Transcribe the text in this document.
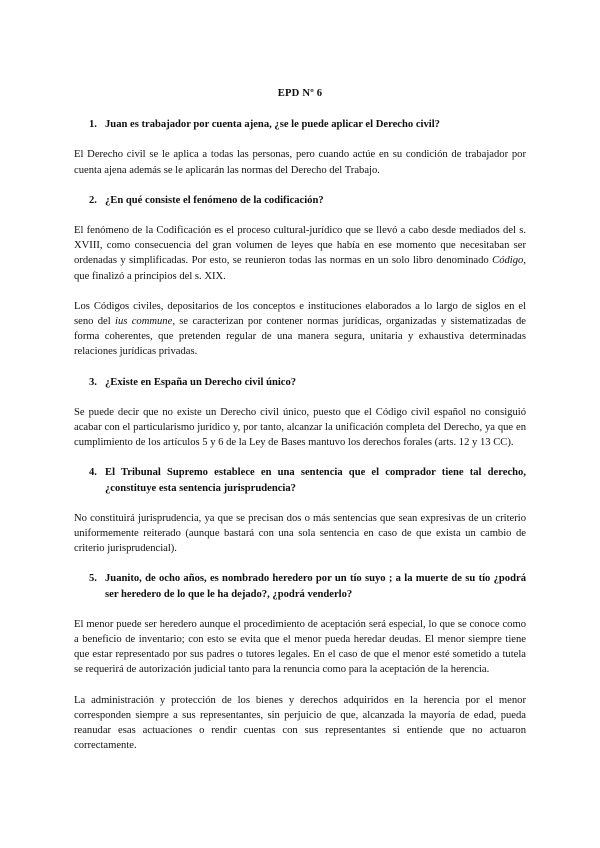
EPD Nº 6
1. Juan es trabajador por cuenta ajena, ¿se le puede aplicar el Derecho civil?

El Derecho civil se le aplica a todas las personas, pero cuando actúe en su condición de trabajador por cuenta ajena además se le aplicarán las normas del Derecho del Trabajo.

2. ¿En qué consiste el fenómeno de la codificación?

El fenómeno de la Codificación es el proceso cultural-jurídico que se llevó a cabo desde mediados del s. XVIII, como consecuencia del gran volumen de leyes que había en ese momento que necesitaban ser ordenadas y simplificadas. Por esto, se reunieron todas las normas en un solo libro denominado Código, que finalizó a principios del s. XIX.

Los Códigos civiles, depositarios de los conceptos e instituciones elaborados a lo largo de siglos en el seno del ius commune, se caracterizan por contener normas jurídicas, organizadas y sistematizadas de forma coherentes, que pretenden regular de una manera segura, unitaria y exhaustiva determinadas relaciones jurídicas privadas.

3. ¿Existe en España un Derecho civil único?

Se puede decir que no existe un Derecho civil único, puesto que el Código civil español no consiguió acabar con el particularismo jurídico y, por tanto, alcanzar la unificación completa del Derecho, ya que en cumplimiento de los artículos 5 y 6 de la Ley de Bases mantuvo los derechos forales (arts. 12 y 13 CC).

4. El Tribunal Supremo establece en una sentencia que el comprador tiene tal derecho, ¿constituye esta sentencia jurisprudencia?

No constituirá jurisprudencia, ya que se precisan dos o más sentencias que sean expresivas de un criterio uniformemente reiterado (aunque bastará con una sola sentencia en caso de que exista un cambio de criterio jurisprudencial).

5. Juanito, de ocho años, es nombrado heredero por un tío suyo ; a la muerte de su tío ¿podrá ser heredero de lo que le ha dejado?, ¿podrá venderlo?

El menor puede ser heredero aunque el procedimiento de aceptación será especial, lo que se conoce como a beneficio de inventario; con esto se evita que el menor pueda heredar deudas. El menor siempre tiene que estar representado por sus padres o tutores legales. En el caso de que el menor esté sometido a tutela se requerirá de autorización judicial tanto para la renuncia como para la aceptación de la herencia.

La administración y protección de los bienes y derechos adquiridos en la herencia por el menor corresponden siempre a sus representantes, sin perjuicio de que, alcanzada la mayoría de edad, pueda reanudar esas actuaciones o rendir cuentas con sus representantes si entiende que no actuaron correctamente.
